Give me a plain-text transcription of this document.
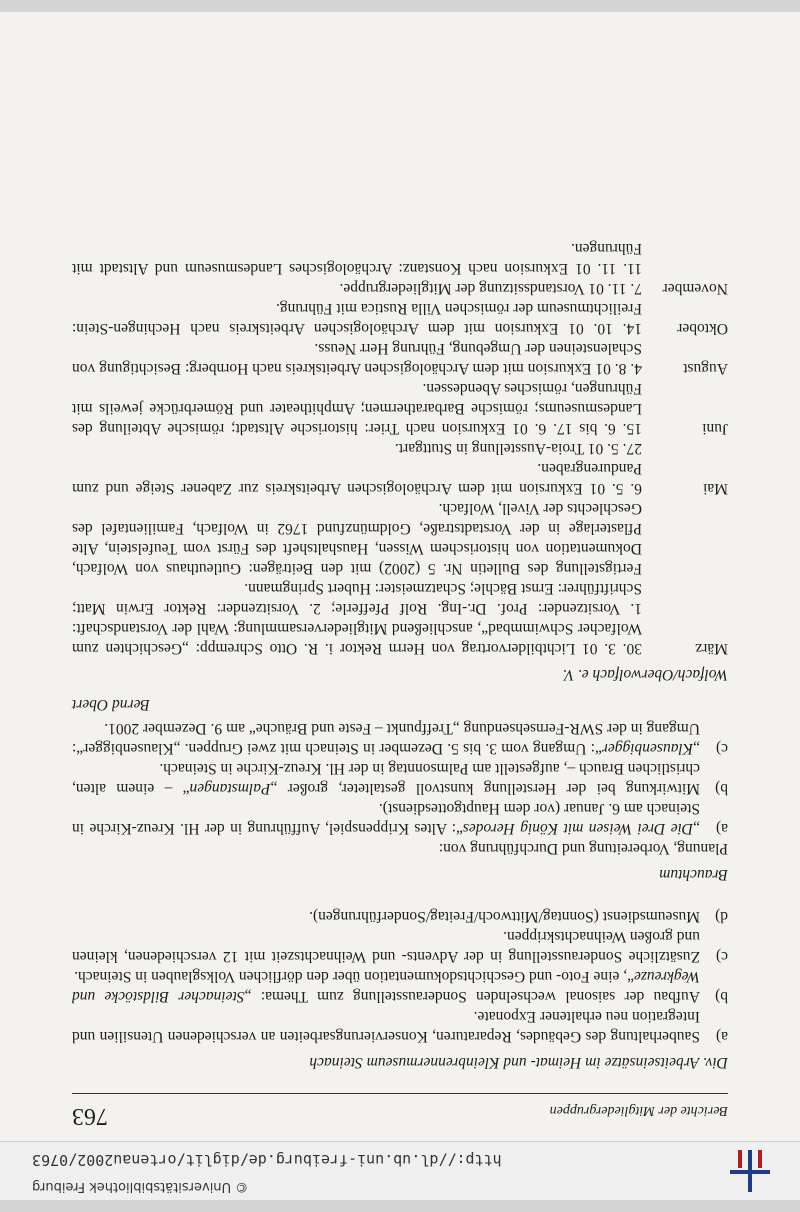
© Universitätsbibliothek Freiburg
http://dl.ub.uni-freiburg.de/diglit/ortenau2002/0763
Berichte der Mitgliedergruppen
763

Div. Arbeitseinsätze im Heimat- und Kleinbrennermuseum Steinach

a)
Sauberhaltung des Gebäudes, Reparaturen, Konservierungsarbeiten an verschiedenen Utensilien und Integration neu erhaltener Exponate.

b)
Aufbau der saisonal wechselnden Sonderausstellung zum Thema: „Steinacher Bildstöcke und Wegkreuze“, eine Foto- und Geschichtsdokumentation über den dörflichen Volksglauben in Steinach.

c)
Zusätzliche Sonderausstellung in der Advents- und Weihnachtszeit mit 12 verschiedenen, kleinen und großen Weihnachtskrippen.

d)
Museumsdienst (Sonntag/Mittwoch/Freitag/Sonderführungen).

Brauchtum

Planung, Vorbereitung und Durchführung von:

a)
„Die Drei Weisen mit König Herodes“: Altes Krippenspiel, Aufführung in der Hl. Kreuz-Kirche in Steinach am 6. Januar (vor dem Hauptgottesdienst).

b)
Mitwirkung bei der Herstellung kunstvoll gestalteter, großer „Palmstangen“ – einem alten, christlichen Brauch –, aufgestellt am Palmsonntag in der Hl. Kreuz-Kirche in Steinach.

c)
„Klausenbigger“: Umgang vom 3. bis 5. Dezember in Steinach mit zwei Gruppen. „Klausenbigger“: Umgang in der SWR-Fernsehsendung „Treffpunkt – Feste und Bräuche“ am 9. Dezember 2001.

Bernd Obert

Wolfach/Oberwolfach e. V.

März
30. 3. 01 Lichtbildervortrag von Herrn Rektor i. R. Otto Schrempp: „Geschichten zum Wolfacher Schwimmbad“, anschließend Mitgliederversammlung: Wahl der Vorstandschaft: 1. Vorsitzender: Prof. Dr.-Ing. Rolf Pfefferle; 2. Vorsitzender: Rektor Erwin Matt; Schriftführer: Ernst Bächle; Schatzmeister: Hubert Springmann.
Fertigstellung des Bulletin Nr. 5 (2002) mit den Beiträgen: Gutleuthaus von Wolfach, Dokumentation von historischem Wissen, Haushaltsheft des Fürst vom Teufelstein, Alte Pflasterlage in der Vorstadtstraße, Goldmünzfund 1762 in Wolfach, Familientafel des Geschlechts der Vivell, Wolfach.
Mai
6. 5. 01 Exkursion mit dem Archäologischen Arbeitskreis zur Zabener Steige und zum Pandurengraben.
27. 5. 01 Troia-Ausstellung in Stuttgart.
Juni
15. 6. bis 17. 6. 01 Exkursion nach Trier: historische Altstadt; römische Abteilung des Landesmuseums; römische Barbarathermen; Amphitheater und Römerbrücke jeweils mit Führungen, römisches Abendessen.
August
4. 8. 01 Exkursion mit dem Archäologischen Arbeitskreis nach Hornberg: Besichtigung von Schalensteinen der Umgebung, Führung Herr Neuss.
Oktober
14. 10. 01 Exkursion mit dem Archäologischen Arbeitskreis nach Hechingen-Stein: Freilichtmuseum der römischen Villa Rustica mit Führung.
November
7. 11. 01 Vorstandssitzung der Mitgliedergruppe.
11. 11. 01 Exkursion nach Konstanz: Archäologisches Landesmuseum und Altstadt mit Führungen.
